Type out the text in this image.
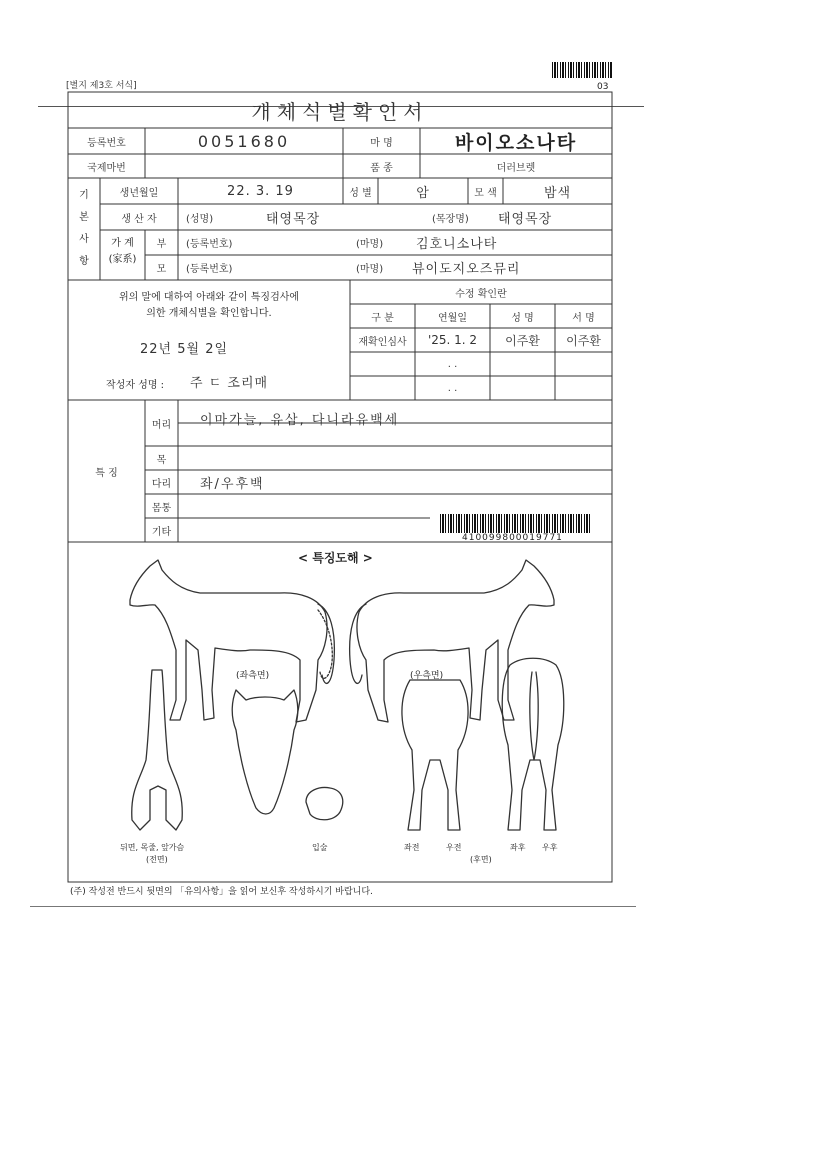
[별지 제3호 서식]	03
개체식별확인서
등록번호	0051680	마 명	바이오소나타
국제마번	품 종	더러브렛
기
본
사
항
생년월일	22. 3. 19	성 별	암	모 색	밤색
생 산 자	(성명)	태영목장	(목장명)	태영목장
가 계
(家系)
부	(등록번호)	(마명)	김호니소나타
모	(등록번호)	(마명)	뷰이도지오즈뮤리
위의 말에 대하여 아래와 같이 특징검사에
의한 개체식별을 확인합니다.
22년 5월 2일
작성자 성명 : 주 ㄷ 조리매
수정 확인란
구 분	연월일	성 명	서 명
재확인심사	'25. 1. 2	이주환	이주환
. .
. .
특 징
머리	이마가늘, 유삼, 다니라유백세
목
다리	좌/우후백
몸통
기타
410099800019771
< 특징도해 >
(좌측면)	(우측면)
뒤면, 목줄, 앞가슴
(전면)
입술	좌전	우전
(후면)
좌후 우후
(주) 작성전 반드시 뒷면의 「유의사항」을 읽어 보신후 작성하시기 바랍니다.
